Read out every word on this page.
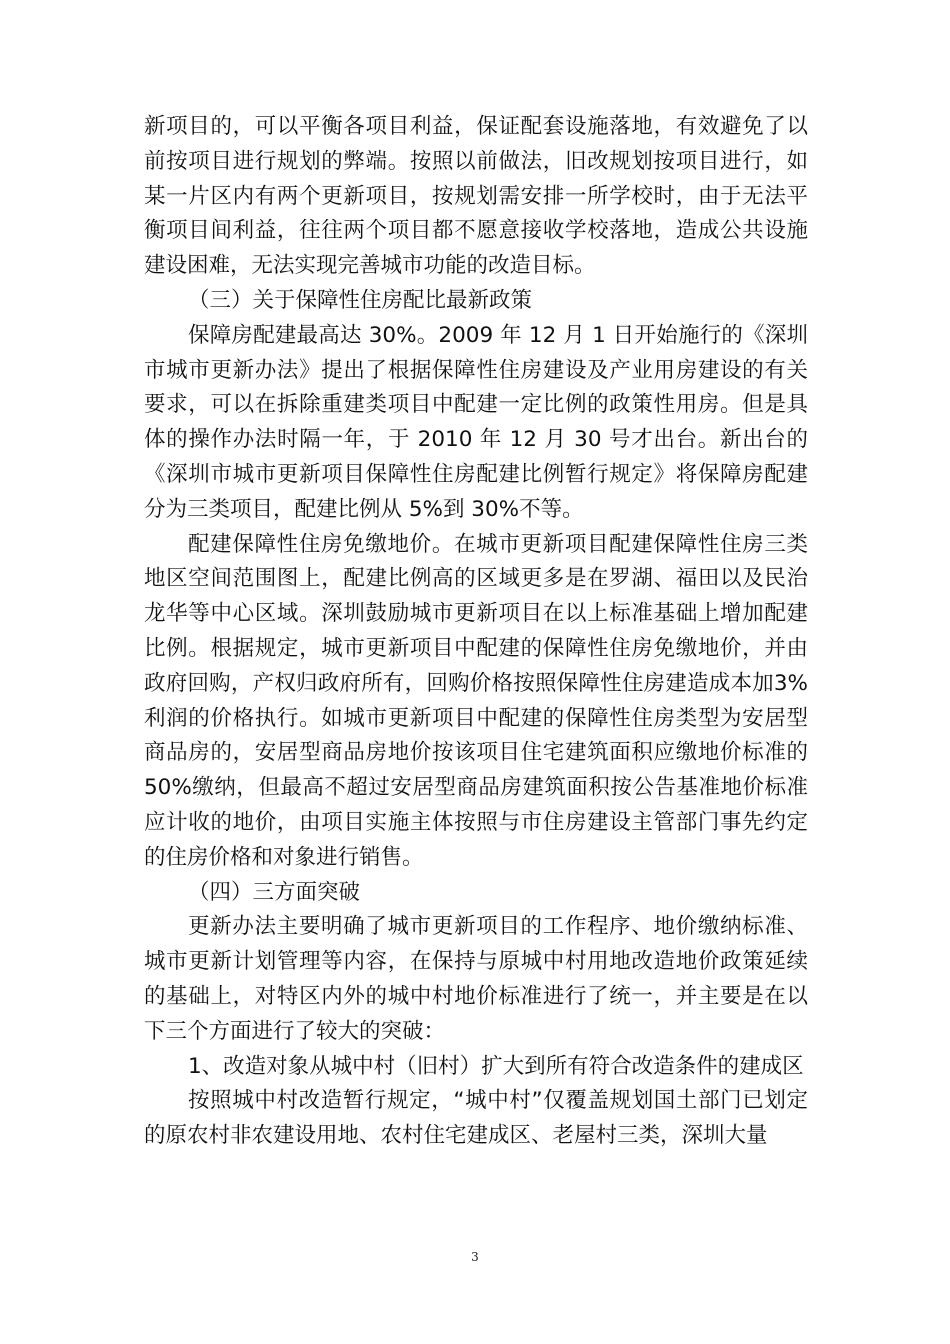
新项目的，可以平衡各项目利益，保证配套设施落地，有效避免了以前按项目进行规划的弊端。按照以前做法，旧改规划按项目进行，如某一片区内有两个更新项目，按规划需安排一所学校时，由于无法平衡项目间利益，往往两个项目都不愿意接收学校落地，造成公共设施建设困难，无法实现完善城市功能的改造目标。

（三）关于保障性住房配比最新政策

保障房配建最高达 30%。2009 年 12 月 1 日开始施行的《深圳市城市更新办法》提出了根据保障性住房建设及产业用房建设的有关要求，可以在拆除重建类项目中配建一定比例的政策性用房。但是具体的操作办法时隔一年，于 2010 年 12 月 30 号才出台。新出台的《深圳市城市更新项目保障性住房配建比例暂行规定》将保障房配建分为三类项目，配建比例从 5%到 30%不等。

配建保障性住房免缴地价。在城市更新项目配建保障性住房三类地区空间范围图上，配建比例高的区域更多是在罗湖、福田以及民治龙华等中心区域。深圳鼓励城市更新项目在以上标准基础上增加配建比例。根据规定，城市更新项目中配建的保障性住房免缴地价，并由政府回购，产权归政府所有，回购价格按照保障性住房建造成本加3%利润的价格执行。如城市更新项目中配建的保障性住房类型为安居型商品房的，安居型商品房地价按该项目住宅建筑面积应缴地价标准的 50%缴纳，但最高不超过安居型商品房建筑面积按公告基准地价标准应计收的地价，由项目实施主体按照与市住房建设主管部门事先约定的住房价格和对象进行销售。

（四）三方面突破

更新办法主要明确了城市更新项目的工作程序、地价缴纳标准、城市更新计划管理等内容，在保持与原城中村用地改造地价政策延续的基础上，对特区内外的城中村地价标准进行了统一，并主要是在以下三个方面进行了较大的突破：

1、改造对象从城中村（旧村）扩大到所有符合改造条件的建成区

按照城中村改造暂行规定，“城中村”仅覆盖规划国土部门已划定的原农村非农建设用地、农村住宅建成区、老屋村三类，深圳大量

3
